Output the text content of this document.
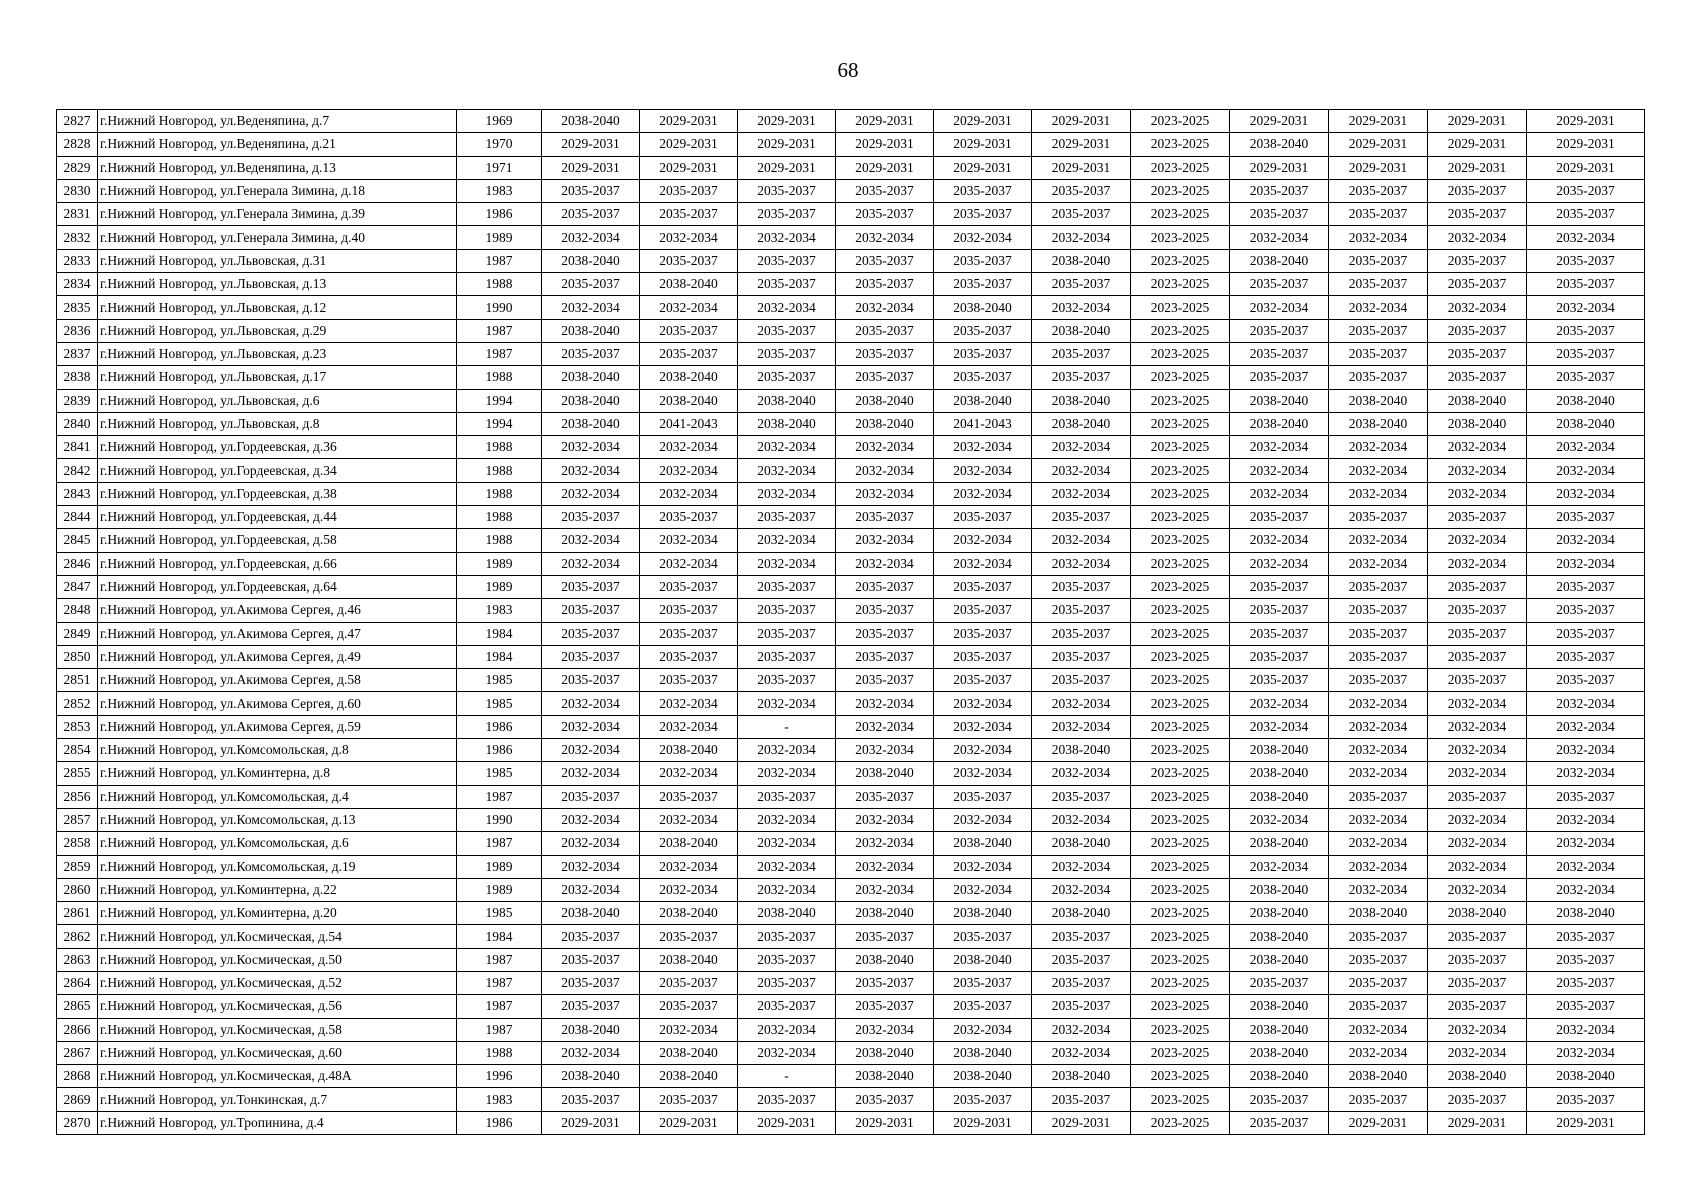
68
2827	г.Нижний Новгород, ул.Веденяпина, д.7	1969	2038-2040	2029-2031	2029-2031	2029-2031	2029-2031	2029-2031	2023-2025	2029-2031	2029-2031	2029-2031	2029-2031
2828	г.Нижний Новгород, ул.Веденяпина, д.21	1970	2029-2031	2029-2031	2029-2031	2029-2031	2029-2031	2029-2031	2023-2025	2038-2040	2029-2031	2029-2031	2029-2031
2829	г.Нижний Новгород, ул.Веденяпина, д.13	1971	2029-2031	2029-2031	2029-2031	2029-2031	2029-2031	2029-2031	2023-2025	2029-2031	2029-2031	2029-2031	2029-2031
2830	г.Нижний Новгород, ул.Генерала Зимина, д.18	1983	2035-2037	2035-2037	2035-2037	2035-2037	2035-2037	2035-2037	2023-2025	2035-2037	2035-2037	2035-2037	2035-2037
2831	г.Нижний Новгород, ул.Генерала Зимина, д.39	1986	2035-2037	2035-2037	2035-2037	2035-2037	2035-2037	2035-2037	2023-2025	2035-2037	2035-2037	2035-2037	2035-2037
2832	г.Нижний Новгород, ул.Генерала Зимина, д.40	1989	2032-2034	2032-2034	2032-2034	2032-2034	2032-2034	2032-2034	2023-2025	2032-2034	2032-2034	2032-2034	2032-2034
2833	г.Нижний Новгород, ул.Львовская, д.31	1987	2038-2040	2035-2037	2035-2037	2035-2037	2035-2037	2038-2040	2023-2025	2038-2040	2035-2037	2035-2037	2035-2037
2834	г.Нижний Новгород, ул.Львовская, д.13	1988	2035-2037	2038-2040	2035-2037	2035-2037	2035-2037	2035-2037	2023-2025	2035-2037	2035-2037	2035-2037	2035-2037
2835	г.Нижний Новгород, ул.Львовская, д.12	1990	2032-2034	2032-2034	2032-2034	2032-2034	2038-2040	2032-2034	2023-2025	2032-2034	2032-2034	2032-2034	2032-2034
2836	г.Нижний Новгород, ул.Львовская, д.29	1987	2038-2040	2035-2037	2035-2037	2035-2037	2035-2037	2038-2040	2023-2025	2035-2037	2035-2037	2035-2037	2035-2037
2837	г.Нижний Новгород, ул.Львовская, д.23	1987	2035-2037	2035-2037	2035-2037	2035-2037	2035-2037	2035-2037	2023-2025	2035-2037	2035-2037	2035-2037	2035-2037
2838	г.Нижний Новгород, ул.Львовская, д.17	1988	2038-2040	2038-2040	2035-2037	2035-2037	2035-2037	2035-2037	2023-2025	2035-2037	2035-2037	2035-2037	2035-2037
2839	г.Нижний Новгород, ул.Львовская, д.6	1994	2038-2040	2038-2040	2038-2040	2038-2040	2038-2040	2038-2040	2023-2025	2038-2040	2038-2040	2038-2040	2038-2040
2840	г.Нижний Новгород, ул.Львовская, д.8	1994	2038-2040	2041-2043	2038-2040	2038-2040	2041-2043	2038-2040	2023-2025	2038-2040	2038-2040	2038-2040	2038-2040
2841	г.Нижний Новгород, ул.Гордеевская, д.36	1988	2032-2034	2032-2034	2032-2034	2032-2034	2032-2034	2032-2034	2023-2025	2032-2034	2032-2034	2032-2034	2032-2034
2842	г.Нижний Новгород, ул.Гордеевская, д.34	1988	2032-2034	2032-2034	2032-2034	2032-2034	2032-2034	2032-2034	2023-2025	2032-2034	2032-2034	2032-2034	2032-2034
2843	г.Нижний Новгород, ул.Гордеевская, д.38	1988	2032-2034	2032-2034	2032-2034	2032-2034	2032-2034	2032-2034	2023-2025	2032-2034	2032-2034	2032-2034	2032-2034
2844	г.Нижний Новгород, ул.Гордеевская, д.44	1988	2035-2037	2035-2037	2035-2037	2035-2037	2035-2037	2035-2037	2023-2025	2035-2037	2035-2037	2035-2037	2035-2037
2845	г.Нижний Новгород, ул.Гордеевская, д.58	1988	2032-2034	2032-2034	2032-2034	2032-2034	2032-2034	2032-2034	2023-2025	2032-2034	2032-2034	2032-2034	2032-2034
2846	г.Нижний Новгород, ул.Гордеевская, д.66	1989	2032-2034	2032-2034	2032-2034	2032-2034	2032-2034	2032-2034	2023-2025	2032-2034	2032-2034	2032-2034	2032-2034
2847	г.Нижний Новгород, ул.Гордеевская, д.64	1989	2035-2037	2035-2037	2035-2037	2035-2037	2035-2037	2035-2037	2023-2025	2035-2037	2035-2037	2035-2037	2035-2037
2848	г.Нижний Новгород, ул.Акимова Сергея, д.46	1983	2035-2037	2035-2037	2035-2037	2035-2037	2035-2037	2035-2037	2023-2025	2035-2037	2035-2037	2035-2037	2035-2037
2849	г.Нижний Новгород, ул.Акимова Сергея, д.47	1984	2035-2037	2035-2037	2035-2037	2035-2037	2035-2037	2035-2037	2023-2025	2035-2037	2035-2037	2035-2037	2035-2037
2850	г.Нижний Новгород, ул.Акимова Сергея, д.49	1984	2035-2037	2035-2037	2035-2037	2035-2037	2035-2037	2035-2037	2023-2025	2035-2037	2035-2037	2035-2037	2035-2037
2851	г.Нижний Новгород, ул.Акимова Сергея, д.58	1985	2035-2037	2035-2037	2035-2037	2035-2037	2035-2037	2035-2037	2023-2025	2035-2037	2035-2037	2035-2037	2035-2037
2852	г.Нижний Новгород, ул.Акимова Сергея, д.60	1985	2032-2034	2032-2034	2032-2034	2032-2034	2032-2034	2032-2034	2023-2025	2032-2034	2032-2034	2032-2034	2032-2034
2853	г.Нижний Новгород, ул.Акимова Сергея, д.59	1986	2032-2034	2032-2034	-	2032-2034	2032-2034	2032-2034	2023-2025	2032-2034	2032-2034	2032-2034	2032-2034
2854	г.Нижний Новгород, ул.Комсомольская, д.8	1986	2032-2034	2038-2040	2032-2034	2032-2034	2032-2034	2038-2040	2023-2025	2038-2040	2032-2034	2032-2034	2032-2034
2855	г.Нижний Новгород, ул.Коминтерна, д.8	1985	2032-2034	2032-2034	2032-2034	2038-2040	2032-2034	2032-2034	2023-2025	2038-2040	2032-2034	2032-2034	2032-2034
2856	г.Нижний Новгород, ул.Комсомольская, д.4	1987	2035-2037	2035-2037	2035-2037	2035-2037	2035-2037	2035-2037	2023-2025	2038-2040	2035-2037	2035-2037	2035-2037
2857	г.Нижний Новгород, ул.Комсомольская, д.13	1990	2032-2034	2032-2034	2032-2034	2032-2034	2032-2034	2032-2034	2023-2025	2032-2034	2032-2034	2032-2034	2032-2034
2858	г.Нижний Новгород, ул.Комсомольская, д.6	1987	2032-2034	2038-2040	2032-2034	2032-2034	2038-2040	2038-2040	2023-2025	2038-2040	2032-2034	2032-2034	2032-2034
2859	г.Нижний Новгород, ул.Комсомольская, д.19	1989	2032-2034	2032-2034	2032-2034	2032-2034	2032-2034	2032-2034	2023-2025	2032-2034	2032-2034	2032-2034	2032-2034
2860	г.Нижний Новгород, ул.Коминтерна, д.22	1989	2032-2034	2032-2034	2032-2034	2032-2034	2032-2034	2032-2034	2023-2025	2038-2040	2032-2034	2032-2034	2032-2034
2861	г.Нижний Новгород, ул.Коминтерна, д.20	1985	2038-2040	2038-2040	2038-2040	2038-2040	2038-2040	2038-2040	2023-2025	2038-2040	2038-2040	2038-2040	2038-2040
2862	г.Нижний Новгород, ул.Космическая, д.54	1984	2035-2037	2035-2037	2035-2037	2035-2037	2035-2037	2035-2037	2023-2025	2038-2040	2035-2037	2035-2037	2035-2037
2863	г.Нижний Новгород, ул.Космическая, д.50	1987	2035-2037	2038-2040	2035-2037	2038-2040	2038-2040	2035-2037	2023-2025	2038-2040	2035-2037	2035-2037	2035-2037
2864	г.Нижний Новгород, ул.Космическая, д.52	1987	2035-2037	2035-2037	2035-2037	2035-2037	2035-2037	2035-2037	2023-2025	2035-2037	2035-2037	2035-2037	2035-2037
2865	г.Нижний Новгород, ул.Космическая, д.56	1987	2035-2037	2035-2037	2035-2037	2035-2037	2035-2037	2035-2037	2023-2025	2038-2040	2035-2037	2035-2037	2035-2037
2866	г.Нижний Новгород, ул.Космическая, д.58	1987	2038-2040	2032-2034	2032-2034	2032-2034	2032-2034	2032-2034	2023-2025	2038-2040	2032-2034	2032-2034	2032-2034
2867	г.Нижний Новгород, ул.Космическая, д.60	1988	2032-2034	2038-2040	2032-2034	2038-2040	2038-2040	2032-2034	2023-2025	2038-2040	2032-2034	2032-2034	2032-2034
2868	г.Нижний Новгород, ул.Космическая, д.48А	1996	2038-2040	2038-2040	-	2038-2040	2038-2040	2038-2040	2023-2025	2038-2040	2038-2040	2038-2040	2038-2040
2869	г.Нижний Новгород, ул.Тонкинская, д.7	1983	2035-2037	2035-2037	2035-2037	2035-2037	2035-2037	2035-2037	2023-2025	2035-2037	2035-2037	2035-2037	2035-2037
2870	г.Нижний Новгород, ул.Тропинина, д.4	1986	2029-2031	2029-2031	2029-2031	2029-2031	2029-2031	2029-2031	2023-2025	2035-2037	2029-2031	2029-2031	2029-2031
